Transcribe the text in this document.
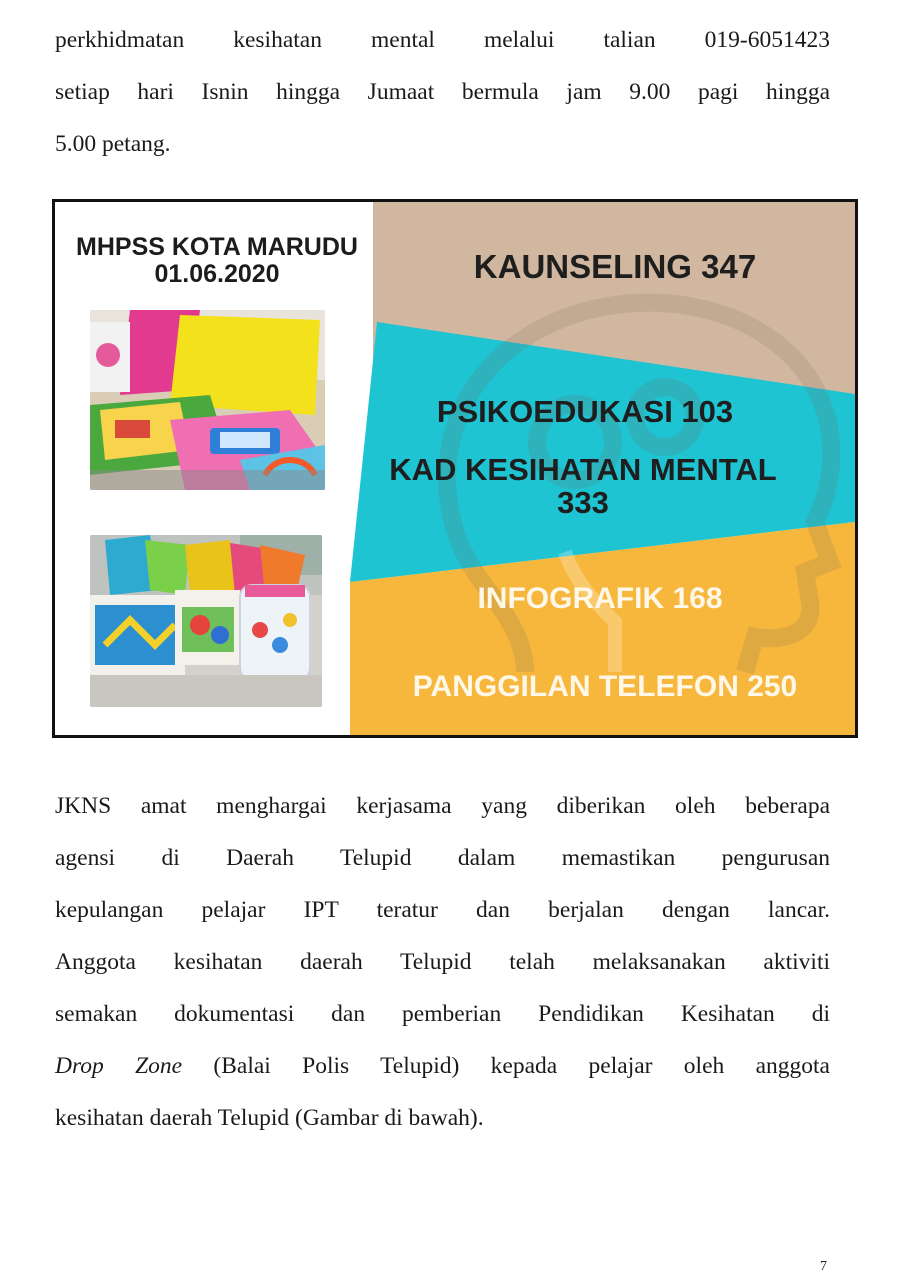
perkhidmatan kesihatan mental melalui talian 019-6051423
setiap hari Isnin hingga Jumaat bermula jam 9.00 pagi hingga
5.00 petang.
MHPSS KOTA MARUDU
01.06.2020	KAUNSELING 347
PSIKOEDUKASI 103
KAD KESIHATAN MENTAL
333
INFOGRAFIK 168
PANGGILAN TELEFON 250
JKNS amat menghargai kerjasama yang diberikan oleh beberapa
agensi di Daerah Telupid dalam memastikan pengurusan
kepulangan pelajar IPT teratur dan berjalan dengan lancar.
Anggota kesihatan daerah Telupid telah melaksanakan aktiviti
semakan dokumentasi dan pemberian Pendidikan Kesihatan di
Drop Zone (Balai Polis Telupid) kepada pelajar oleh anggota
kesihatan daerah Telupid (Gambar di bawah).
7
